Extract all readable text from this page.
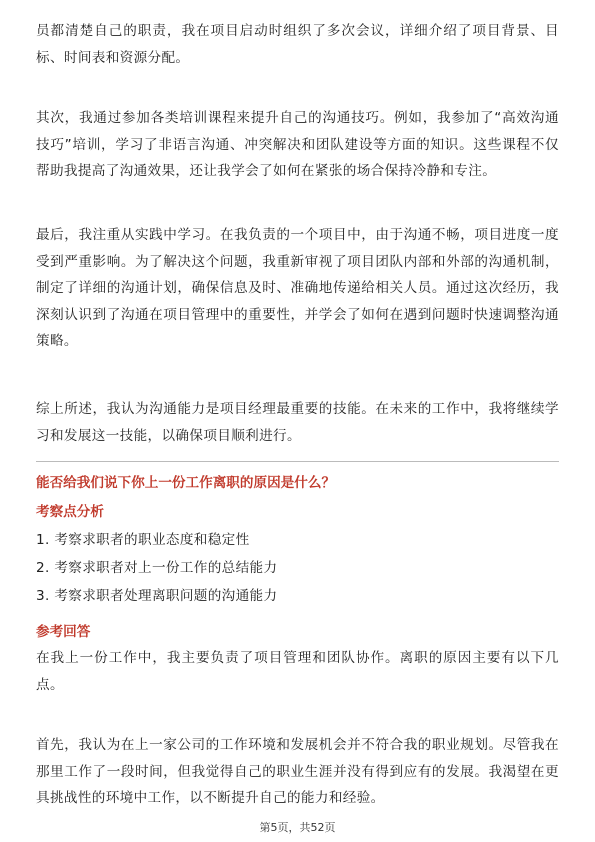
员都清楚自己的职责，我在项目启动时组织了多次会议，详细介绍了项目背景、目标、时间表和资源分配。

其次，我通过参加各类培训课程来提升自己的沟通技巧。例如，我参加了“高效沟通技巧”培训，学习了非语言沟通、冲突解决和团队建设等方面的知识。这些课程不仅帮助我提高了沟通效果，还让我学会了如何在紧张的场合保持冷静和专注。

最后，我注重从实践中学习。在我负责的一个项目中，由于沟通不畅，项目进度一度受到严重影响。为了解决这个问题，我重新审视了项目团队内部和外部的沟通机制，制定了详细的沟通计划，确保信息及时、准确地传递给相关人员。通过这次经历，我深刻认识到了沟通在项目管理中的重要性，并学会了如何在遇到问题时快速调整沟通策略。

综上所述，我认为沟通能力是项目经理最重要的技能。在未来的工作中，我将继续学习和发展这一技能，以确保项目顺利进行。

能否给我们说下你上一份工作离职的原因是什么？

考察点分析

1. 考察求职者的职业态度和稳定性

2. 考察求职者对上一份工作的总结能力

3. 考察求职者处理离职问题的沟通能力

参考回答

在我上一份工作中，我主要负责了项目管理和团队协作。离职的原因主要有以下几点。

首先，我认为在上一家公司的工作环境和发展机会并不符合我的职业规划。尽管我在那里工作了一段时间，但我觉得自己的职业生涯并没有得到应有的发展。我渴望在更具挑战性的环境中工作，以不断提升自己的能力和经验。

第5页，共52页
